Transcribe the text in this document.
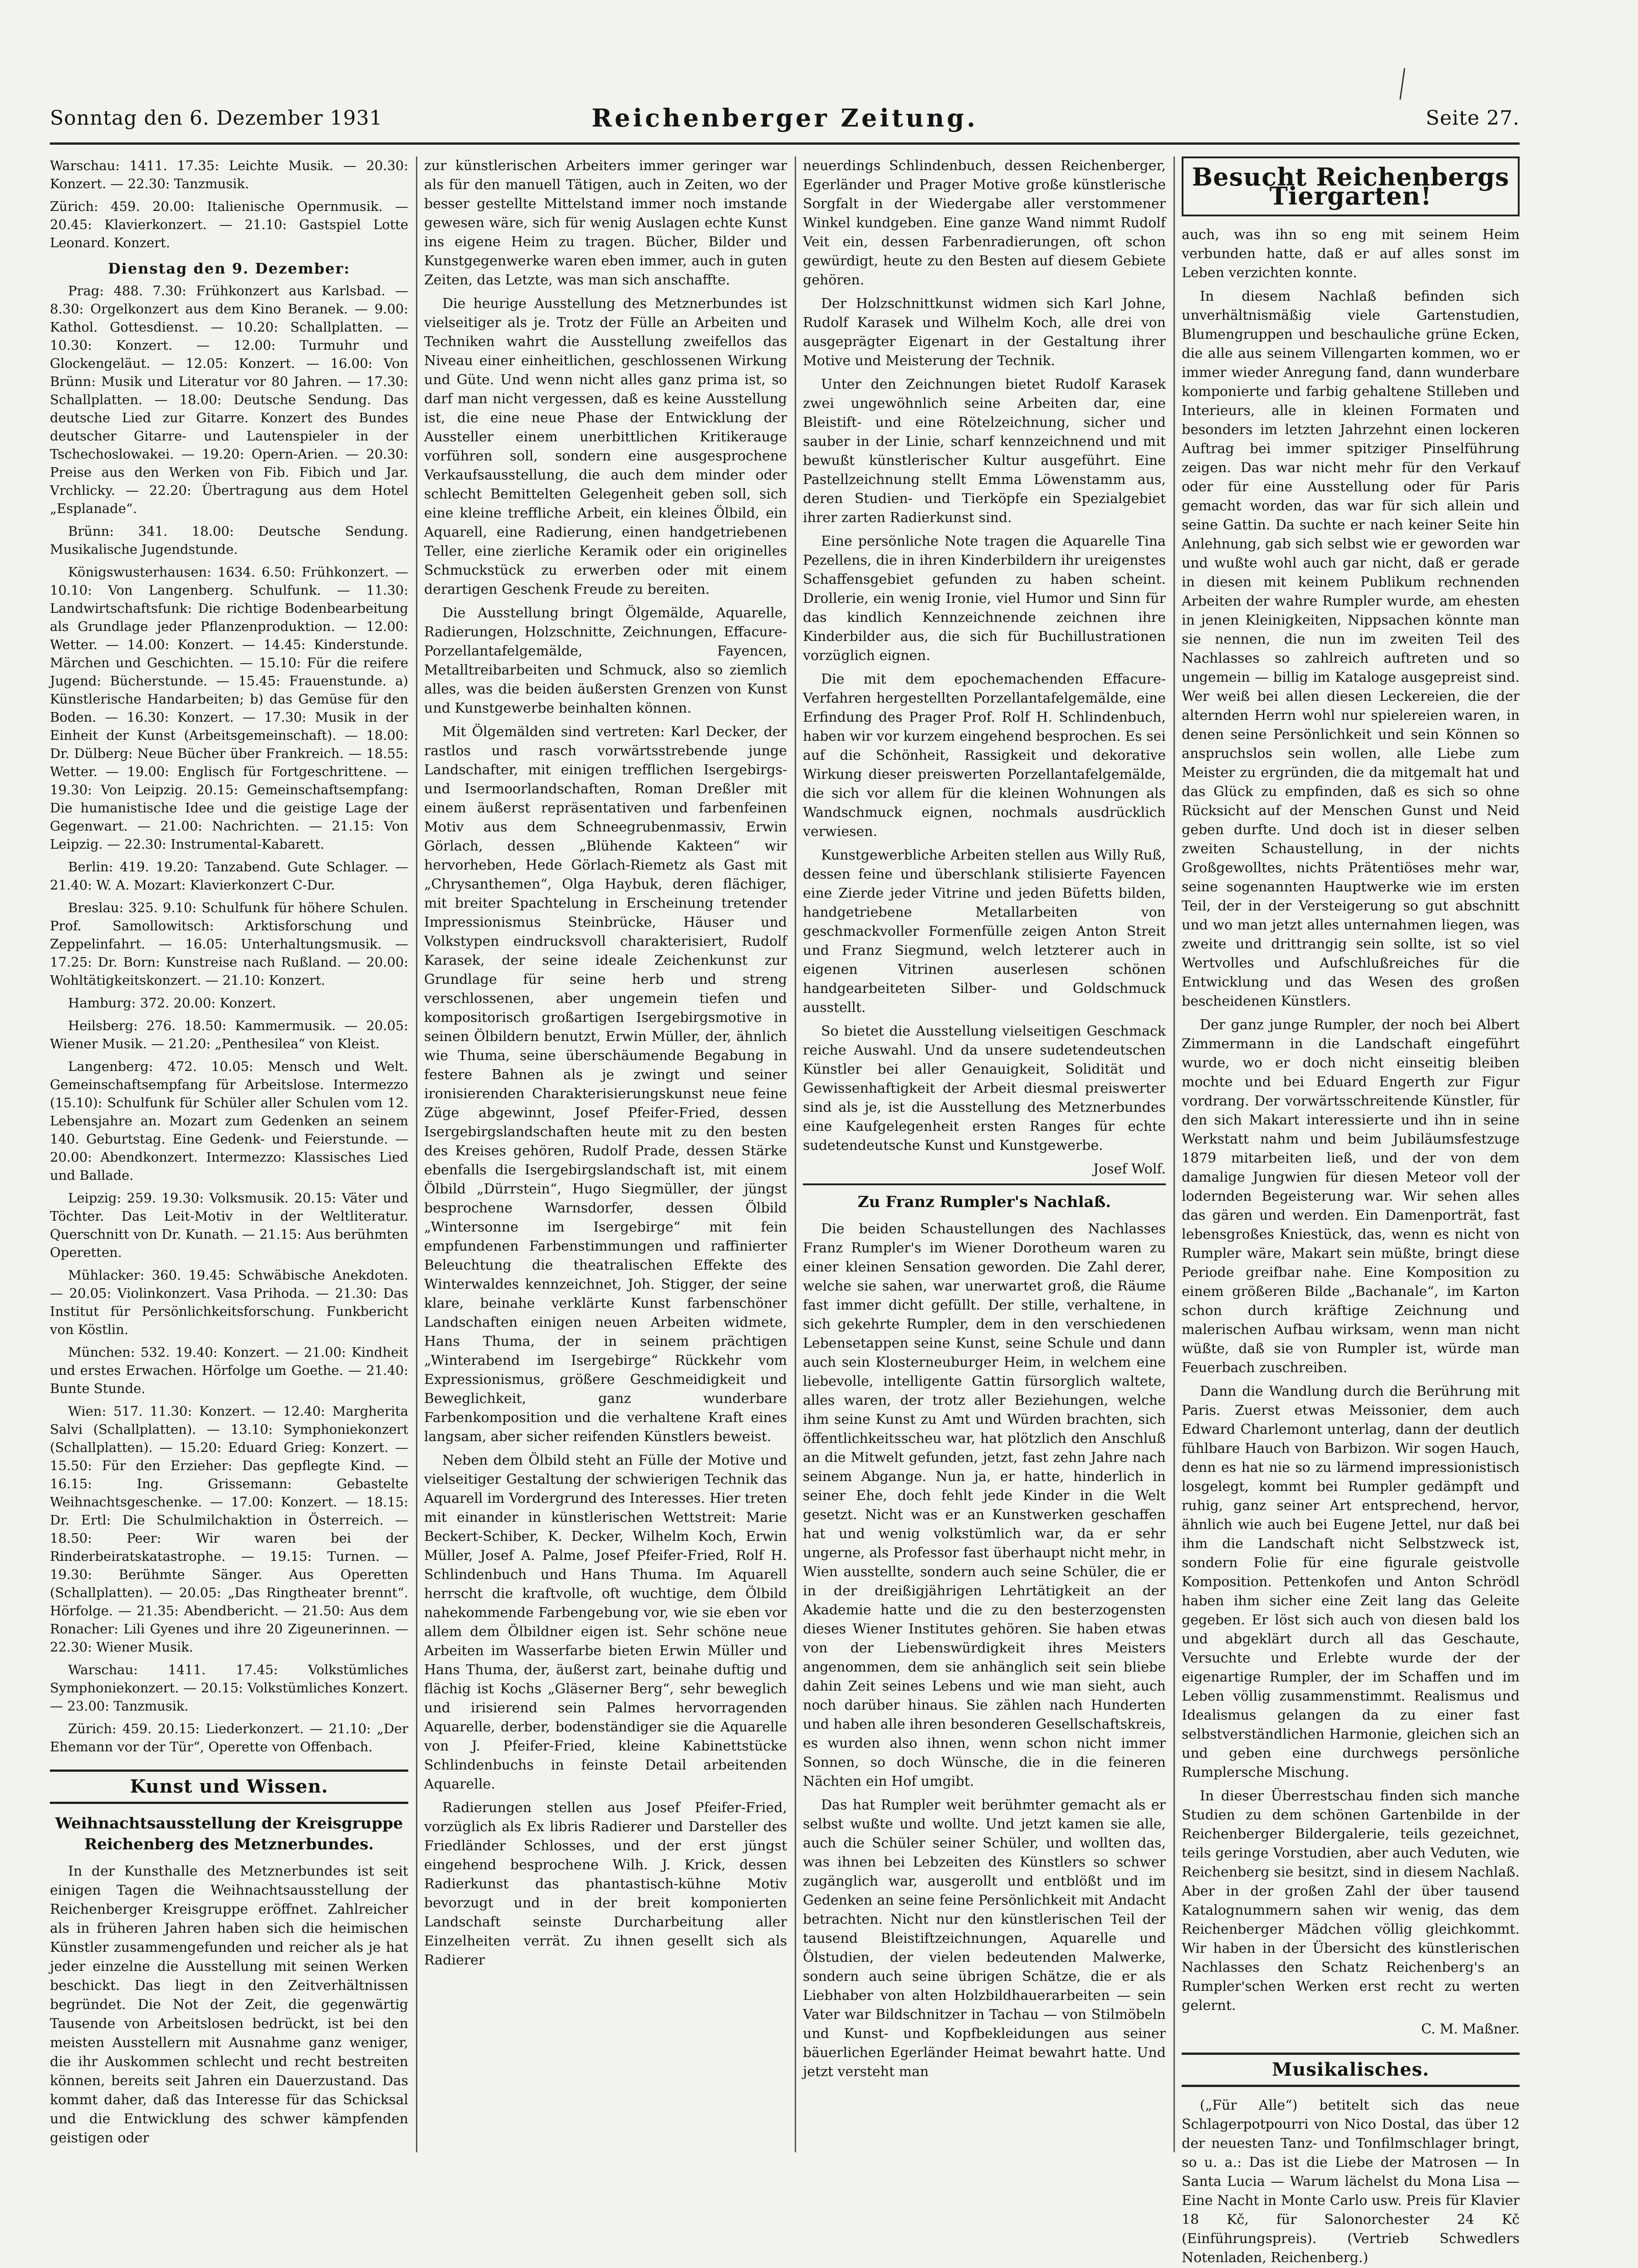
Sonntag den 6. Dezember 1931	Reichenberger Zeitung.	Seite 27.

Warschau: 1411. 17.35: Leichte Musik. — 20.30: Konzert. — 22.30: Tanzmusik.

Zürich: 459. 20.00: Italienische Opernmusik. — 20.45: Klavierkonzert. — 21.10: Gastspiel Lotte Leonard. Konzert.

Dienstag den 9. Dezember:

Prag: 488. 7.30: Frühkonzert aus Karlsbad. — 8.30: Orgelkonzert aus dem Kino Beranek. — 9.00: Kathol. Gottesdienst. — 10.20: Schallplatten. — 10.30: Konzert. — 12.00: Turmuhr und Glockengeläut. — 12.05: Konzert. — 16.00: Von Brünn: Musik und Literatur vor 80 Jahren. — 17.30: Schallplatten. — 18.00: Deutsche Sendung. Das deutsche Lied zur Gitarre. Konzert des Bundes deutscher Gitarre- und Lautenspieler in der Tschechoslowakei. — 19.20: Opern-Arien. — 20.30: Preise aus den Werken von Fib. Fibich und Jar. Vrchlicky. — 22.20: Übertragung aus dem Hotel „Esplanade“.

Brünn: 341. 18.00: Deutsche Sendung. Musikalische Jugendstunde.

Königswusterhausen: 1634. 6.50: Frühkonzert. — 10.10: Von Langenberg. Schulfunk. — 11.30: Landwirtschaftsfunk: Die richtige Bodenbearbeitung als Grundlage jeder Pflanzenproduktion. — 12.00: Wetter. — 14.00: Konzert. — 14.45: Kinderstunde. Märchen und Geschichten. — 15.10: Für die reifere Jugend: Bücherstunde. — 15.45: Frauenstunde. a) Künstlerische Handarbeiten; b) das Gemüse für den Boden. — 16.30: Konzert. — 17.30: Musik in der Einheit der Kunst (Arbeitsgemeinschaft). — 18.00: Dr. Dülberg: Neue Bücher über Frankreich. — 18.55: Wetter. — 19.00: Englisch für Fortgeschrittene. — 19.30: Von Leipzig. 20.15: Gemeinschaftsempfang: Die humanistische Idee und die geistige Lage der Gegenwart. — 21.00: Nachrichten. — 21.15: Von Leipzig. — 22.30: Instrumental-Kabarett.

Berlin: 419. 19.20: Tanzabend. Gute Schlager. — 21.40: W. A. Mozart: Klavierkonzert C-Dur.

Breslau: 325. 9.10: Schulfunk für höhere Schulen. Prof. Samollowitsch: Arktisforschung und Zeppelinfahrt. — 16.05: Unterhaltungsmusik. — 17.25: Dr. Born: Kunstreise nach Rußland. — 20.00: Wohltätigkeitskonzert. — 21.10: Konzert.

Hamburg: 372. 20.00: Konzert.

Heilsberg: 276. 18.50: Kammermusik. — 20.05: Wiener Musik. — 21.20: „Penthesilea“ von Kleist.

Langenberg: 472. 10.05: Mensch und Welt. Gemeinschaftsempfang für Arbeitslose. Intermezzo (15.10): Schulfunk für Schüler aller Schulen vom 12. Lebensjahre an. Mozart zum Gedenken an seinem 140. Geburtstag. Eine Gedenk- und Feierstunde. — 20.00: Abendkonzert. Intermezzo: Klassisches Lied und Ballade.

Leipzig: 259. 19.30: Volksmusik. 20.15: Väter und Töchter. Das Leit-Motiv in der Weltliteratur. Querschnitt von Dr. Kunath. — 21.15: Aus berühmten Operetten.

Mühlacker: 360. 19.45: Schwäbische Anekdoten. — 20.05: Violinkonzert. Vasa Prihoda. — 21.30: Das Institut für Persönlichkeitsforschung. Funkbericht von Köstlin.

München: 532. 19.40: Konzert. — 21.00: Kindheit und erstes Erwachen. Hörfolge um Goethe. — 21.40: Bunte Stunde.

Wien: 517. 11.30: Konzert. — 12.40: Margherita Salvi (Schallplatten). — 13.10: Symphoniekonzert (Schallplatten). — 15.20: Eduard Grieg: Konzert. — 15.50: Für den Erzieher: Das gepflegte Kind. — 16.15: Ing. Grissemann: Gebastelte Weihnachtsgeschenke. — 17.00: Konzert. — 18.15: Dr. Ertl: Die Schulmilchaktion in Österreich. — 18.50: Peer: Wir waren bei der Rinderbeiratskatastrophe. — 19.15: Turnen. — 19.30: Berühmte Sänger. Aus Operetten (Schallplatten). — 20.05: „Das Ringtheater brennt“. Hörfolge. — 21.35: Abendbericht. — 21.50: Aus dem Ronacher: Lili Gyenes und ihre 20 Zigeunerinnen. — 22.30: Wiener Musik.

Warschau: 1411. 17.45: Volkstümliches Symphoniekonzert. — 20.15: Volkstümliches Konzert. — 23.00: Tanzmusik.

Zürich: 459. 20.15: Liederkonzert. — 21.10: „Der Ehemann vor der Tür“, Operette von Offenbach.

Kunst und Wissen.
Weihnachtsausstellung der Kreisgruppe Reichenberg des Metznerbundes.

In der Kunsthalle des Metznerbundes ist seit einigen Tagen die Weihnachtsausstellung der Reichenberger Kreisgruppe eröffnet. Zahlreicher als in früheren Jahren haben sich die heimischen Künstler zusammengefunden und reicher als je hat jeder einzelne die Ausstellung mit seinen Werken beschickt. Das liegt in den Zeitverhältnissen begründet. Die Not der Zeit, die gegenwärtig Tausende von Arbeitslosen bedrückt, ist bei den meisten Ausstellern mit Ausnahme ganz weniger, die ihr Auskommen schlecht und recht bestreiten können, bereits seit Jahren ein Dauerzustand. Das kommt daher, daß das Interesse für das Schicksal und die Entwicklung des schwer kämpfenden geistigen oder

zur künstlerischen Arbeiters immer geringer war als für den manuell Tätigen, auch in Zeiten, wo der besser gestellte Mittelstand immer noch imstande gewesen wäre, sich für wenig Auslagen echte Kunst ins eigene Heim zu tragen. Bücher, Bilder und Kunstgegenwerke waren eben immer, auch in guten Zeiten, das Letzte, was man sich anschaffte.

Die heurige Ausstellung des Metznerbundes ist vielseitiger als je. Trotz der Fülle an Arbeiten und Techniken wahrt die Ausstellung zweifellos das Niveau einer einheitlichen, geschlossenen Wirkung und Güte. Und wenn nicht alles ganz prima ist, so darf man nicht vergessen, daß es keine Ausstellung ist, die eine neue Phase der Entwicklung der Aussteller einem unerbittlichen Kritikerauge vorführen soll, sondern eine ausgesprochene Verkaufsausstellung, die auch dem minder oder schlecht Bemittelten Gelegenheit geben soll, sich eine kleine treffliche Arbeit, ein kleines Ölbild, ein Aquarell, eine Radierung, einen handgetriebenen Teller, eine zierliche Keramik oder ein originelles Schmuckstück zu erwerben oder mit einem derartigen Geschenk Freude zu bereiten.

Die Ausstellung bringt Ölgemälde, Aquarelle, Radierungen, Holzschnitte, Zeichnungen, Effacure-Porzellantafelgemälde, Fayencen, Metalltreibarbeiten und Schmuck, also so ziemlich alles, was die beiden äußersten Grenzen von Kunst und Kunstgewerbe beinhalten können.

Mit Ölgemälden sind vertreten: Karl Decker, der rastlos und rasch vorwärtsstrebende junge Landschafter, mit einigen trefflichen Isergebirgs- und Isermoorlandschaften, Roman Dreßler mit einem äußerst repräsentativen und farbenfeinen Motiv aus dem Schneegrubenmassiv, Erwin Görlach, dessen „Blühende Kakteen“ wir hervorheben, Hede Görlach-Riemetz als Gast mit „Chrysanthemen“, Olga Haybuk, deren flächiger, mit breiter Spachtelung in Erscheinung tretender Impressionismus Steinbrücke, Häuser und Volkstypen eindrucksvoll charakterisiert, Rudolf Karasek, der seine ideale Zeichenkunst zur Grundlage für seine herb und streng verschlossenen, aber ungemein tiefen und kompositorisch großartigen Isergebirgsmotive in seinen Ölbildern benutzt, Erwin Müller, der, ähnlich wie Thuma, seine überschäumende Begabung in festere Bahnen als je zwingt und seiner ironisierenden Charakterisierungskunst neue feine Züge abgewinnt, Josef Pfeifer-Fried, dessen Isergebirgslandschaften heute mit zu den besten des Kreises gehören, Rudolf Prade, dessen Stärke ebenfalls die Isergebirgslandschaft ist, mit einem Ölbild „Dürrstein“, Hugo Siegmüller, der jüngst besprochene Warnsdorfer, dessen Ölbild „Wintersonne im Isergebirge“ mit fein empfundenen Farbenstimmungen und raffinierter Beleuchtung die theatralischen Effekte des Winterwaldes kennzeichnet, Joh. Stigger, der seine klare, beinahe verklärte Kunst farbenschöner Landschaften einigen neuen Arbeiten widmete, Hans Thuma, der in seinem prächtigen „Winterabend im Isergebirge“ Rückkehr vom Expressionismus, größere Geschmeidigkeit und Beweglichkeit, ganz wunderbare Farbenkomposition und die verhaltene Kraft eines langsam, aber sicher reifenden Künstlers beweist.

Neben dem Ölbild steht an Fülle der Motive und vielseitiger Gestaltung der schwierigen Technik das Aquarell im Vordergrund des Interesses. Hier treten mit einander in künstlerischen Wettstreit: Marie Beckert-Schiber, K. Decker, Wilhelm Koch, Erwin Müller, Josef A. Palme, Josef Pfeifer-Fried, Rolf H. Schlindenbuch und Hans Thuma. Im Aquarell herrscht die kraftvolle, oft wuchtige, dem Ölbild nahekommende Farbengebung vor, wie sie eben vor allem dem Ölbildner eigen ist. Sehr schöne neue Arbeiten im Wasserfarbe bieten Erwin Müller und Hans Thuma, der, äußerst zart, beinahe duftig und flächig ist Kochs „Gläserner Berg“, sehr beweglich und irisierend sein Palmes hervorragenden Aquarelle, derber, bodenständiger sie die Aquarelle von J. Pfeifer-Fried, kleine Kabinettstücke Schlindenbuchs in feinste Detail arbeitenden Aquarelle.

Radierungen stellen aus Josef Pfeifer-Fried, vorzüglich als Ex libris Radierer und Darsteller des Friedländer Schlosses, und der erst jüngst eingehend besprochene Wilh. J. Krick, dessen Radierkunst das phantastisch-kühne Motiv bevorzugt und in der breit komponierten Landschaft seinste Durcharbeitung aller Einzelheiten verrät. Zu ihnen gesellt sich als Radierer

neuerdings Schlindenbuch, dessen Reichenberger, Egerländer und Prager Motive große künstlerische Sorgfalt in der Wiedergabe aller verstommener Winkel kundgeben. Eine ganze Wand nimmt Rudolf Veit ein, dessen Farbenradierungen, oft schon gewürdigt, heute zu den Besten auf diesem Gebiete gehören.

Der Holzschnittkunst widmen sich Karl Johne, Rudolf Karasek und Wilhelm Koch, alle drei von ausgeprägter Eigenart in der Gestaltung ihrer Motive und Meisterung der Technik.

Unter den Zeichnungen bietet Rudolf Karasek zwei ungewöhnlich seine Arbeiten dar, eine Bleistift- und eine Rötelzeichnung, sicher und sauber in der Linie, scharf kennzeichnend und mit bewußt künstlerischer Kultur ausgeführt. Eine Pastellzeichnung stellt Emma Löwenstamm aus, deren Studien- und Tierköpfe ein Spezialgebiet ihrer zarten Radierkunst sind.

Eine persönliche Note tragen die Aquarelle Tina Pezellens, die in ihren Kinderbildern ihr ureigenstes Schaffensgebiet gefunden zu haben scheint. Drollerie, ein wenig Ironie, viel Humor und Sinn für das kindlich Kennzeichnende zeichnen ihre Kinderbilder aus, die sich für Buchillustrationen vorzüglich eignen.

Die mit dem epochemachenden Effacure-Verfahren hergestellten Porzellantafelgemälde, eine Erfindung des Prager Prof. Rolf H. Schlindenbuch, haben wir vor kurzem eingehend besprochen. Es sei auf die Schönheit, Rassigkeit und dekorative Wirkung dieser preiswerten Porzellantafelgemälde, die sich vor allem für die kleinen Wohnungen als Wandschmuck eignen, nochmals ausdrücklich verwiesen.

Kunstgewerbliche Arbeiten stellen aus Willy Ruß, dessen feine und überschlank stilisierte Fayencen eine Zierde jeder Vitrine und jeden Büfetts bilden, handgetriebene Metallarbeiten von geschmackvoller Formenfülle zeigen Anton Streit und Franz Siegmund, welch letzterer auch in eigenen Vitrinen auserlesen schönen handgearbeiteten Silber- und Goldschmuck ausstellt.

So bietet die Ausstellung vielseitigen Geschmack reiche Auswahl. Und da unsere sudetendeutschen Künstler bei aller Genauigkeit, Solidität und Gewissenhaftigkeit der Arbeit diesmal preiswerter sind als je, ist die Ausstellung des Metznerbundes eine Kaufgelegenheit ersten Ranges für echte sudetendeutsche Kunst und Kunstgewerbe.

Josef Wolf.
Zu Franz Rumpler's Nachlaß.

Die beiden Schaustellungen des Nachlasses Franz Rumpler's im Wiener Dorotheum waren zu einer kleinen Sensation geworden. Die Zahl derer, welche sie sahen, war unerwartet groß, die Räume fast immer dicht gefüllt. Der stille, verhaltene, in sich gekehrte Rumpler, dem in den verschiedenen Lebensetappen seine Kunst, seine Schule und dann auch sein Klosterneuburger Heim, in welchem eine liebevolle, intelligente Gattin fürsorglich waltete, alles waren, der trotz aller Beziehungen, welche ihm seine Kunst zu Amt und Würden brachten, sich öffentlichkeitsscheu war, hat plötzlich den Anschluß an die Mitwelt gefunden, jetzt, fast zehn Jahre nach seinem Abgange. Nun ja, er hatte, hinderlich in seiner Ehe, doch fehlt jede Kinder in die Welt gesetzt. Nicht was er an Kunstwerken geschaffen hat und wenig volkstümlich war, da er sehr ungerne, als Professor fast überhaupt nicht mehr, in Wien ausstellte, sondern auch seine Schüler, die er in der dreißigjährigen Lehrtätigkeit an der Akademie hatte und die zu den besterzogensten dieses Wiener Institutes gehören. Sie haben etwas von der Liebenswürdigkeit ihres Meisters angenommen, dem sie anhänglich seit sein bliebe dahin Zeit seines Lebens und wie man sieht, auch noch darüber hinaus. Sie zählen nach Hunderten und haben alle ihren besonderen Gesellschaftskreis, es wurden also ihnen, wenn schon nicht immer Sonnen, so doch Wünsche, die in die feineren Nächten ein Hof umgibt.

Das hat Rumpler weit berühmter gemacht als er selbst wußte und wollte. Und jetzt kamen sie alle, auch die Schüler seiner Schüler, und wollten das, was ihnen bei Lebzeiten des Künstlers so schwer zugänglich war, ausgerollt und entblößt und im Gedenken an seine feine Persönlichkeit mit Andacht betrachten. Nicht nur den künstlerischen Teil der tausend Bleistiftzeichnungen, Aquarelle und Ölstudien, der vielen bedeutenden Malwerke, sondern auch seine übrigen Schätze, die er als Liebhaber von alten Holzbildhauerarbeiten — sein Vater war Bildschnitzer in Tachau — von Stilmöbeln und Kunst- und Kopfbekleidungen aus seiner bäuerlichen Egerländer Heimat bewahrt hatte. Und jetzt versteht man

Besucht Reichenbergs Tiergarten!

auch, was ihn so eng mit seinem Heim verbunden hatte, daß er auf alles sonst im Leben verzichten konnte.

In diesem Nachlaß befinden sich unverhältnismäßig viele Gartenstudien, Blumengruppen und beschauliche grüne Ecken, die alle aus seinem Villengarten kommen, wo er immer wieder Anregung fand, dann wunderbare komponierte und farbig gehaltene Stilleben und Interieurs, alle in kleinen Formaten und besonders im letzten Jahrzehnt einen lockeren Auftrag bei immer spitziger Pinselführung zeigen. Das war nicht mehr für den Verkauf oder für eine Ausstellung oder für Paris gemacht worden, das war für sich allein und seine Gattin. Da suchte er nach keiner Seite hin Anlehnung, gab sich selbst wie er geworden war und wußte wohl auch gar nicht, daß er gerade in diesen mit keinem Publikum rechnenden Arbeiten der wahre Rumpler wurde, am ehesten in jenen Kleinigkeiten, Nippsachen könnte man sie nennen, die nun im zweiten Teil des Nachlasses so zahlreich auftreten und so ungemein — billig im Kataloge ausgepreist sind. Wer weiß bei allen diesen Leckereien, die der alternden Herrn wohl nur spielereien waren, in denen seine Persönlichkeit und sein Können so anspruchslos sein wollen, alle Liebe zum Meister zu ergründen, die da mitgemalt hat und das Glück zu empfinden, daß es sich so ohne Rücksicht auf der Menschen Gunst und Neid geben durfte. Und doch ist in dieser selben zweiten Schaustellung, in der nichts Großgewolltes, nichts Prätentiöses mehr war, seine sogenannten Hauptwerke wie im ersten Teil, der in der Versteigerung so gut abschnitt und wo man jetzt alles unternahmen liegen, was zweite und drittrangig sein sollte, ist so viel Wertvolles und Aufschlußreiches für die Entwicklung und das Wesen des großen bescheidenen Künstlers.

Der ganz junge Rumpler, der noch bei Albert Zimmermann in die Landschaft eingeführt wurde, wo er doch nicht einseitig bleiben mochte und bei Eduard Engerth zur Figur vordrang. Der vorwärtsschreitende Künstler, für den sich Makart interessierte und ihn in seine Werkstatt nahm und beim Jubiläumsfestzuge 1879 mitarbeiten ließ, und der von dem damalige Jungwien für diesen Meteor voll der lodernden Begeisterung war. Wir sehen alles das gären und werden. Ein Damenporträt, fast lebensgroßes Kniestück, das, wenn es nicht von Rumpler wäre, Makart sein müßte, bringt diese Periode greifbar nahe. Eine Komposition zu einem größeren Bilde „Bachanale“, im Karton schon durch kräftige Zeichnung und malerischen Aufbau wirksam, wenn man nicht wüßte, daß sie von Rumpler ist, würde man Feuerbach zuschreiben.

Dann die Wandlung durch die Berührung mit Paris. Zuerst etwas Meissonier, dem auch Edward Charlemont unterlag, dann der deutlich fühlbare Hauch von Barbizon. Wir sogen Hauch, denn es hat nie so zu lärmend impressionistisch losgelegt, kommt bei Rumpler gedämpft und ruhig, ganz seiner Art entsprechend, hervor, ähnlich wie auch bei Eugene Jettel, nur daß bei ihm die Landschaft nicht Selbstzweck ist, sondern Folie für eine figurale geistvolle Komposition. Pettenkofen und Anton Schrödl haben ihm sicher eine Zeit lang das Geleite gegeben. Er löst sich auch von diesen bald los und abgeklärt durch all das Geschaute, Versuchte und Erlebte wurde der der eigenartige Rumpler, der im Schaffen und im Leben völlig zusammenstimmt. Realismus und Idealismus gelangen da zu einer fast selbstverständlichen Harmonie, gleichen sich an und geben eine durchwegs persönliche Rumplersche Mischung.

In dieser Überrestschau finden sich manche Studien zu dem schönen Gartenbilde in der Reichenberger Bildergalerie, teils gezeichnet, teils geringe Vorstudien, aber auch Veduten, wie Reichenberg sie besitzt, sind in diesem Nachlaß. Aber in der großen Zahl der über tausend Katalognummern sahen wir wenig, das dem Reichenberger Mädchen völlig gleichkommt. Wir haben in der Übersicht des künstlerischen Nachlasses den Schatz Reichenberg's an Rumpler'schen Werken erst recht zu werten gelernt.

C. M. Maßner.
Musikalisches.

(„Für Alle“) betitelt sich das neue Schlagerpotpourri von Nico Dostal, das über 12 der neuesten Tanz- und Tonfilmschlager bringt, so u. a.: Das ist die Liebe der Matrosen — In Santa Lucia — Warum lächelst du Mona Lisa — Eine Nacht in Monte Carlo usw. Preis für Klavier 18 Kč, für Salonorchester 24 Kč (Einführungspreis). (Vertrieb Schwedlers Notenladen, Reichenberg.)
